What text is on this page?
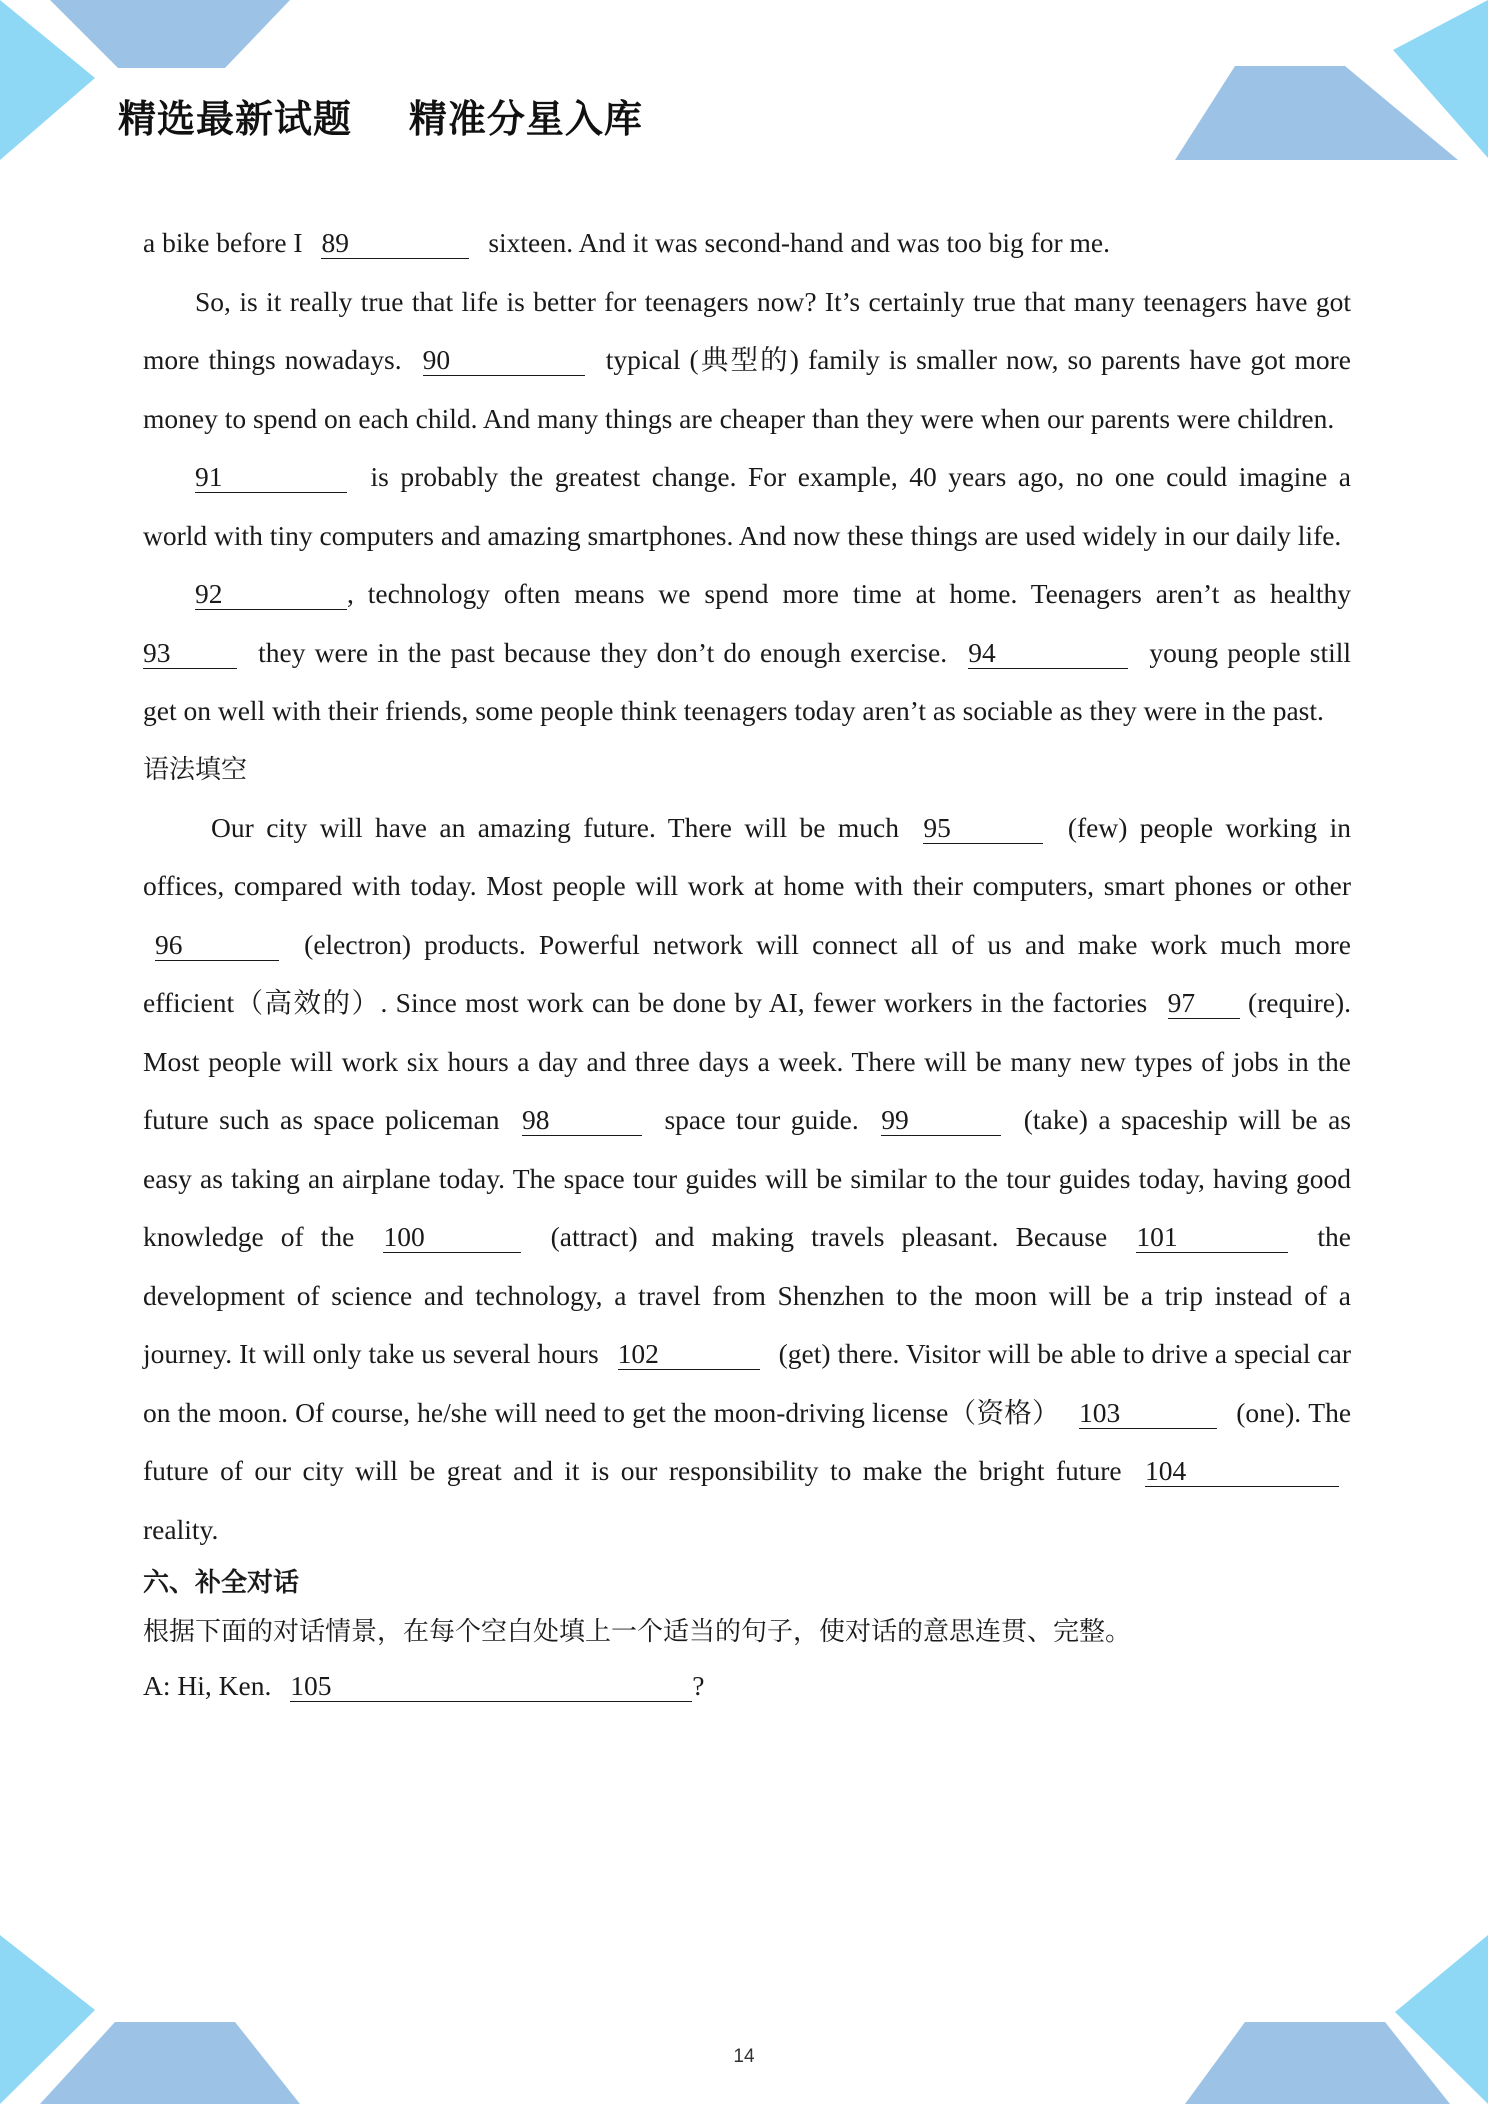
精选最新试题    精准分星入库

a bike before I 89	sixteen. And it was second-hand and was too big for me.

So, is it really true that life is better for teenagers now? It’s certainly true that many teenagers have got more things nowadays. 90	typical (典型的) family is smaller now, so parents have got more money to spend on each child. And many things are cheaper than they were when our parents were children.

91	is probably the greatest change. For example, 40 years ago, no one could imagine a world with tiny computers and amazing smartphones. And now these things are used widely in our daily life.

92	, technology often means we spend more time at home. Teenagers aren’t as healthy 93	they were in the past because they don’t do enough exercise. 94	young people still get on well with their friends, some people think teenagers today aren’t as sociable as they were in the past.

语法填空

Our city will have an amazing future. There will be much 95	(few) people working in offices, compared with today. Most people will work at home with their computers, smart phones or other 96	(electron) products. Powerful network will connect all of us and make work much more efficient（高效的）. Since most work can be done by AI, fewer workers in the factories 97 (require). Most people will work six hours a day and three days a week. There will be many new types of jobs in the future such as space policeman 98	space tour guide. 99	(take) a spaceship will be as easy as taking an airplane today. The space tour guides will be similar to the tour guides today, having good knowledge of the 100	(attract) and making travels pleasant. Because 101	the development of science and technology, a travel from Shenzhen to the moon will be a trip instead of a journey. It will only take us several hours 102	(get) there. Visitor will be able to drive a special car on the moon. Of course, he/she will need to get the moon-driving license（资格） 103	(one). The future of our city will be great and it is our responsibility to make the bright future 104 reality.

六、补全对话

根据下面的对话情景，在每个空白处填上一个适当的句子，使对话的意思连贯、完整。

A: Hi, Ken. 105	?

14
